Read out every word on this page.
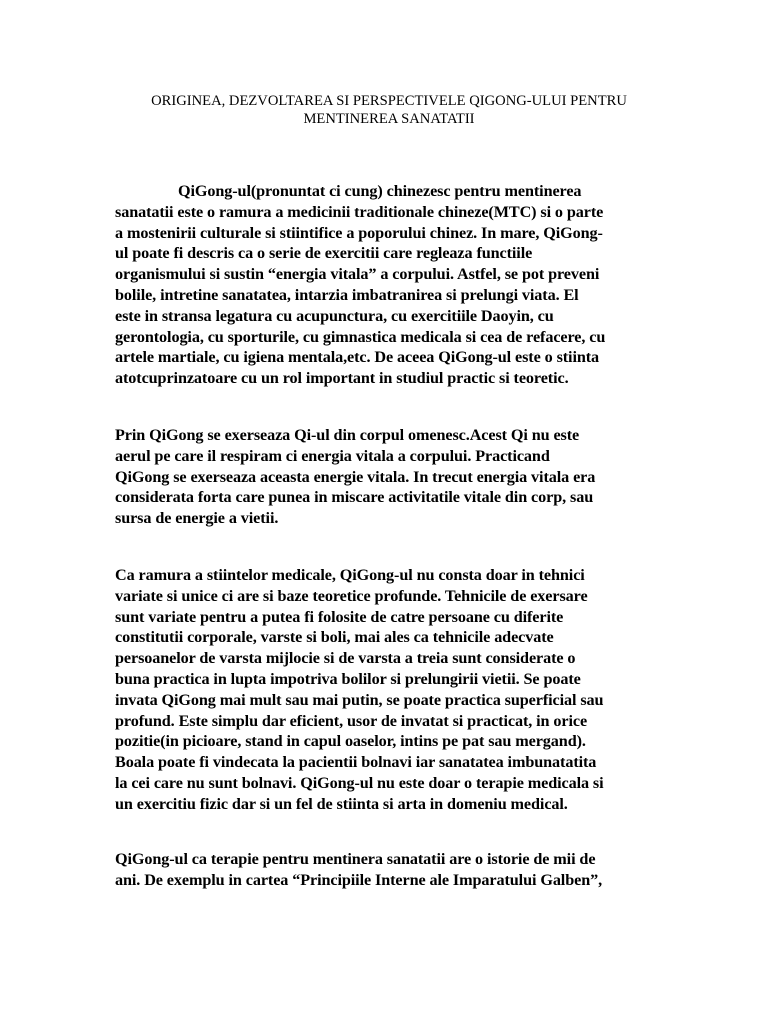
ORIGINEA, DEZVOLTAREA SI PERSPECTIVELE QIGONG-ULUI PENTRU
MENTINEREA SANATATII

QiGong-ul(pronuntat ci cung) chinezesc pentru mentinerea
sanatatii este o ramura a medicinii traditionale chineze(MTC) si o parte
a mostenirii culturale si stiintifice a poporului chinez. In mare, QiGong-
ul poate fi descris ca o serie de exercitii care regleaza functiile
organismului si sustin “energia vitala” a corpului. Astfel, se pot preveni
bolile, intretine sanatatea, intarzia imbatranirea si prelungi viata. El
este in stransa legatura cu acupunctura, cu exercitiile Daoyin, cu
gerontologia, cu sporturile, cu gimnastica medicala si cea de refacere, cu
artele martiale, cu igiena mentala,etc. De aceea QiGong-ul este o stiinta
atotcuprinzatoare cu un rol important in studiul practic si teoretic.

Prin QiGong se exerseaza Qi-ul din corpul omenesc.Acest Qi nu este
aerul pe care il respiram ci energia vitala a corpului. Practicand
QiGong se exerseaza aceasta energie vitala. In trecut energia vitala era
considerata forta care punea in miscare activitatile vitale din corp, sau
sursa de energie a vietii.

Ca ramura a stiintelor medicale, QiGong-ul nu consta doar in tehnici
variate si unice ci are si baze teoretice profunde. Tehnicile de exersare
sunt variate pentru a putea fi folosite de catre persoane cu diferite
constitutii corporale, varste si boli, mai ales ca tehnicile adecvate
persoanelor de varsta mijlocie si de varsta a treia sunt considerate o
buna practica in lupta impotriva bolilor si prelungirii vietii. Se poate
invata QiGong mai mult sau mai putin, se poate practica superficial sau
profund. Este simplu dar eficient, usor de invatat si practicat, in orice
pozitie(in picioare, stand in capul oaselor, intins pe pat sau mergand).
Boala poate fi vindecata la pacientii bolnavi iar sanatatea imbunatatita
la cei care nu sunt bolnavi. QiGong-ul nu este doar o terapie medicala si
un exercitiu fizic dar si un fel de stiinta si arta in domeniu medical.

QiGong-ul ca terapie pentru mentinera sanatatii are o istorie de mii de
ani. De exemplu in cartea “Principiile Interne ale Imparatului Galben”,
